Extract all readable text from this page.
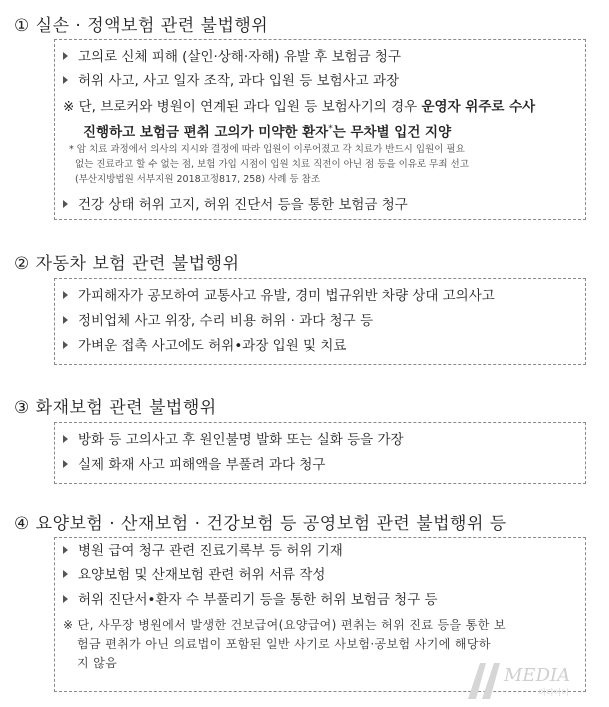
① 실손 · 정액보험 관련 불법행위
고의로 신체 피해 (살인·상해·자해) 유발 후 보험금 청구
허위 사고, 사고 일자 조작, 과다 입원 등 보험사고 과장
※ 단, 브로커와 병원이 연계된 과다 입원 등 보험사기의 경우 운영자 위주로 수사
진행하고 보험금 편취 고의가 미약한 환자*는 무차별 입건 지양
* 암 치료 과정에서 의사의 지시와 결정에 따라 입원이 이루어졌고 각 치료가 반드시 입원이 필요
없는 진료라고 할 수 없는 점, 보험 가입 시점이 입원 치료 직전이 아닌 점 등을 이유로 무죄 선고
(부산지방법원 서부지원 2018고정817, 258) 사례 등 참조
건강 상태 허위 고지, 허위 진단서 등을 통한 보험금 청구
② 자동차 보험 관련 불법행위
가피해자가 공모하여 교통사고 유발, 경미 법규위반 차량 상대 고의사고
정비업체 사고 위장, 수리 비용 허위 · 과다 청구 등
가벼운 접촉 사고에도 허위•과장 입원 및 치료
③ 화재보험 관련 불법행위
방화 등 고의사고 후 원인불명 발화 또는 실화 등을 가장
실제 화재 사고 피해액을 부풀려 과다 청구
④ 요양보험 · 산재보험 · 건강보험 등 공영보험 관련 불법행위 등
병원 급여 청구 관련 진료기록부 등 허위 기재
요양보험 및 산재보험 관련 허위 서류 작성
허위 진단서•환자 수 부풀리기 등을 통한 허위 보험금 청구 등
※ 단, 사무장 병원에서 발생한 건보급여(요양급여) 편취는 허위 진료 등을 통한 보
험금 편취가 아닌 의료법이 포함된 일반 사기로 사보험·공보험 사기에 해당하
지 않음
MEDIA
미디어이
